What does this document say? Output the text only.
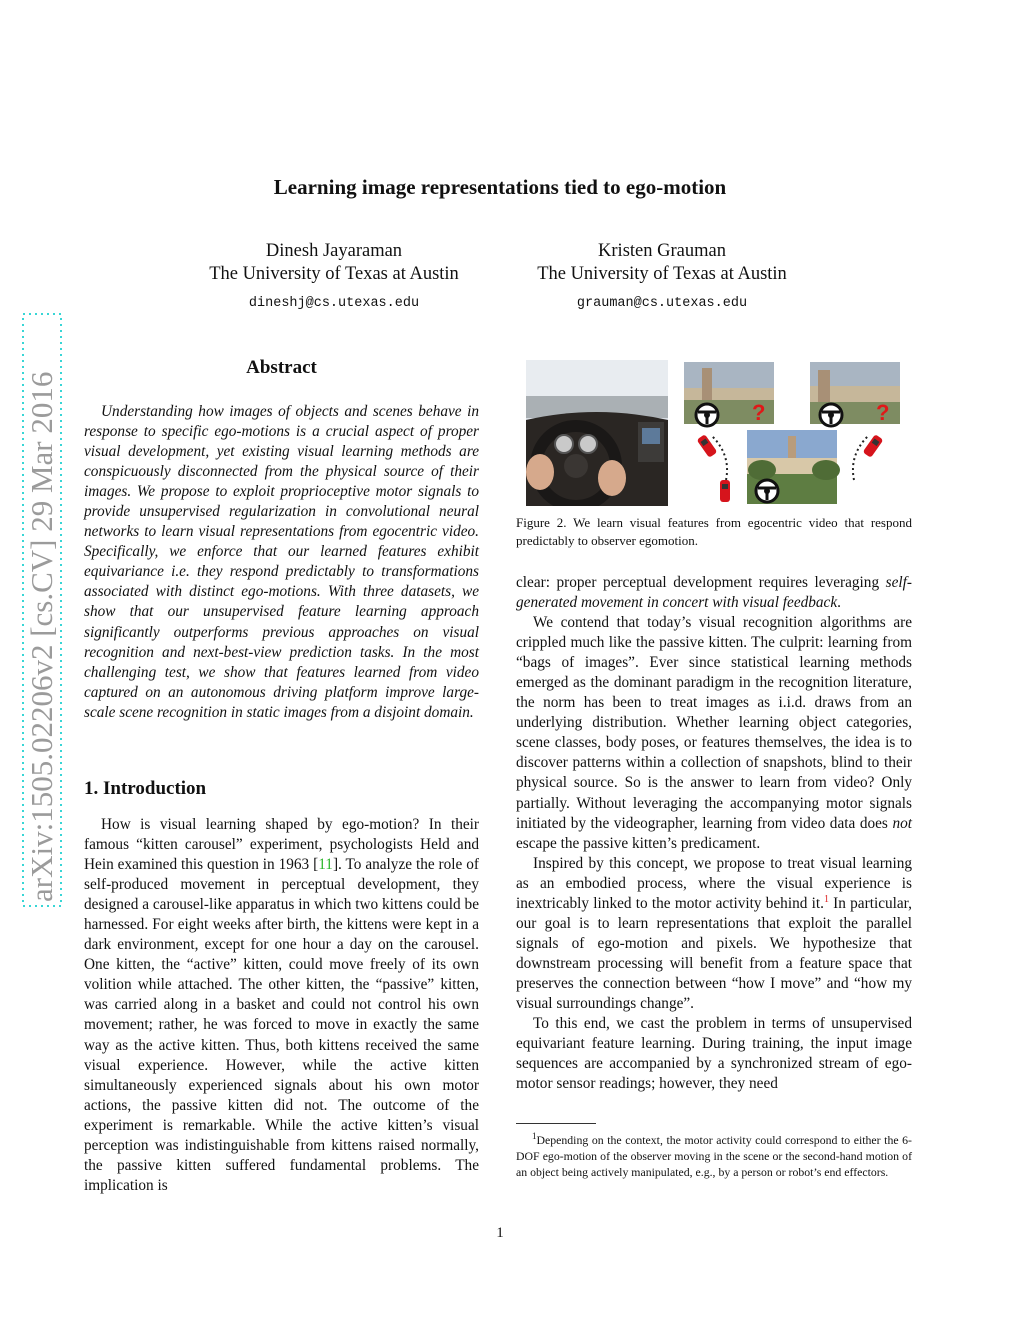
arXiv:1505.02206v2 [cs.CV] 29 Mar 2016
Learning image representations tied to ego-motion
Dinesh Jayaraman
The University of Texas at Austin
dineshj@cs.utexas.edu
Kristen Grauman
The University of Texas at Austin
grauman@cs.utexas.edu
Abstract

Understanding how images of objects and scenes behave in response to specific ego-motions is a crucial aspect of proper visual development, yet existing visual learning methods are conspicuously disconnected from the physical source of their images. We propose to exploit proprioceptive motor signals to provide unsupervised regularization in convolutional neural networks to learn visual representations from egocentric video. Specifically, we enforce that our learned features exhibit equivariance i.e. they respond predictably to transformations associated with distinct ego-motions. With three datasets, we show that our unsupervised feature learning approach significantly outperforms previous approaches on visual recognition and next-best-view prediction tasks. In the most challenging test, we show that features learned from video captured on an autonomous driving platform improve large-scale scene recognition in static images from a disjoint domain.

1. Introduction

How is visual learning shaped by ego-motion? In their famous “kitten carousel” experiment, psychologists Held and Hein examined this question in 1963 [11]. To analyze the role of self-produced movement in perceptual development, they designed a carousel-like apparatus in which two kittens could be harnessed. For eight weeks after birth, the kittens were kept in a dark environment, except for one hour a day on the carousel. One kitten, the “active” kitten, could move freely of its own volition while attached. The other kitten, the “passive” kitten, was carried along in a basket and could not control his own movement; rather, he was forced to move in exactly the same way as the active kitten. Thus, both kittens received the same visual experience. However, while the active kitten simultaneously experienced signals about his own motor actions, the passive kitten did not. The outcome of the experiment is remarkable. While the active kitten’s visual perception was indistinguishable from kittens raised normally, the passive kitten suffered fundamental problems. The implication is

?	?
Figure 2. We learn visual features from egocentric video that respond predictably to observer egomotion.

clear: proper perceptual development requires leveraging self-generated movement in concert with visual feedback.

We contend that today’s visual recognition algorithms are crippled much like the passive kitten. The culprit: learning from “bags of images”. Ever since statistical learning methods emerged as the dominant paradigm in the recognition literature, the norm has been to treat images as i.i.d. draws from an underlying distribution. Whether learning object categories, scene classes, body poses, or features themselves, the idea is to discover patterns within a collection of snapshots, blind to their physical source. So is the answer to learn from video? Only partially. Without leveraging the accompanying motor signals initiated by the videographer, learning from video data does not escape the passive kitten’s predicament.

Inspired by this concept, we propose to treat visual learning as an embodied process, where the visual experience is inextricably linked to the motor activity behind it.$^1$ In particular, our goal is to learn representations that exploit the parallel signals of ego-motion and pixels. We hypothesize that downstream processing will benefit from a feature space that preserves the connection between “how I move” and “how my visual surroundings change”.

To this end, we cast the problem in terms of unsupervised equivariant feature learning. During training, the input image sequences are accompanied by a synchronized stream of ego-motor sensor readings; however, they need

$^1$Depending on the context, the motor activity could correspond to either the 6-DOF ego-motion of the observer moving in the scene or the second-hand motion of an object being actively manipulated, e.g., by a person or robot’s end effectors.
1
